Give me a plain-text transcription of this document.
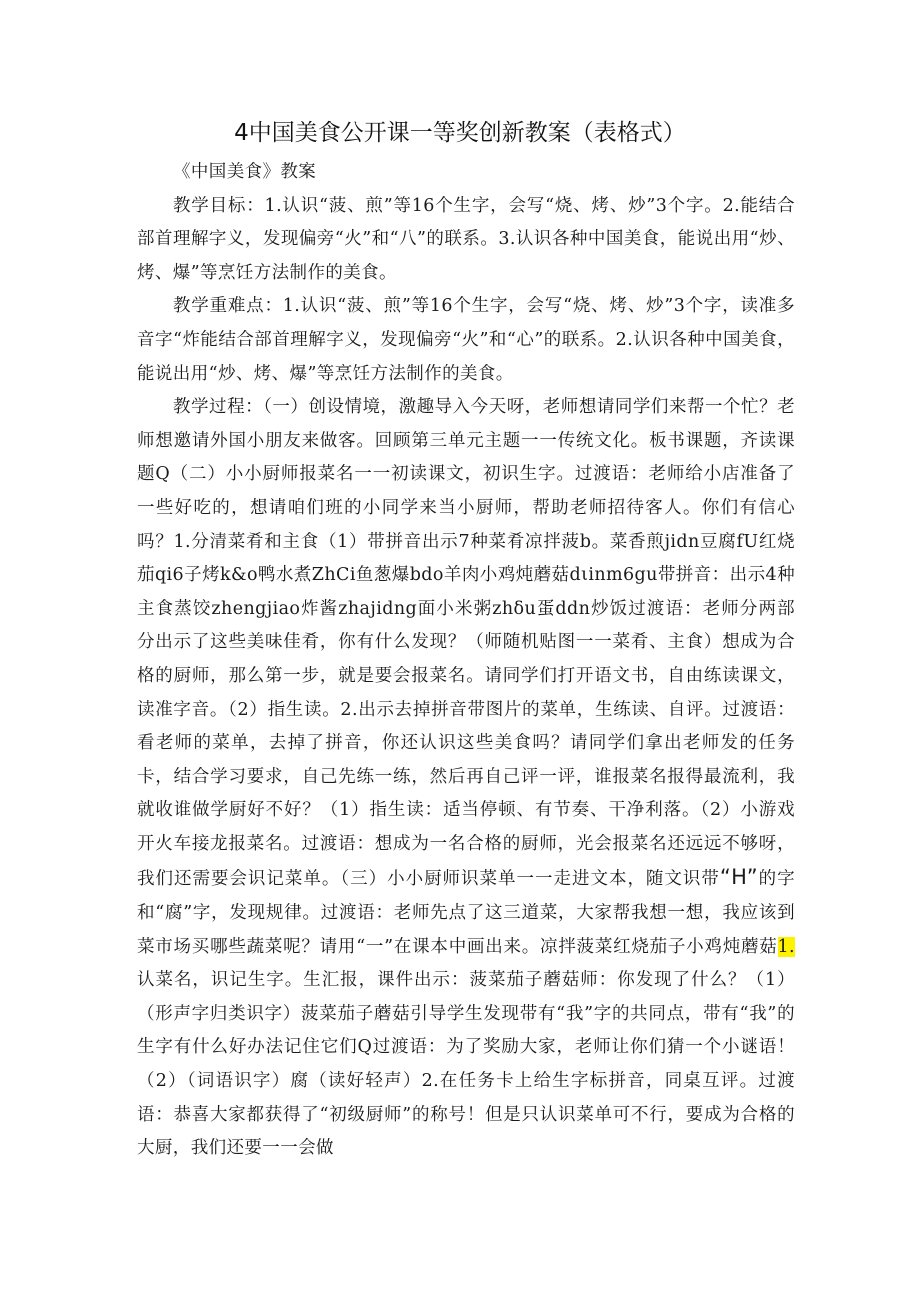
4中国美食公开课一等奖创新教案（表格式）

《中国美食》教案

教学目标：1.认识“菠、煎”等16个生字，会写“烧、烤、炒”3个字。2.能结合部首理解字义，发现偏旁“火”和“八”的联系。3.认识各种中国美食，能说出用“炒、烤、爆”等烹饪方法制作的美食。

教学重难点：1.认识“菠、煎”等16个生字，会写“烧、烤、炒”3个字，读准多音字“炸能结合部首理解字义，发现偏旁“火”和“心”的联系。2.认识各种中国美食，能说出用“炒、烤、爆”等烹饪方法制作的美食。

教学过程：（一）创设情境，激趣导入今天呀，老师想请同学们来帮一个忙？老师想邀请外国小朋友来做客。回顾第三单元主题一一传统文化。板书课题，齐读课题Q（二）小小厨师报菜名一一初读课文，初识生字。过渡语：老师给小店准备了一些好吃的，想请咱们班的小同学来当小厨师，帮助老师招待客人。你们有信心吗？1.分清菜肴和主食（1）带拼音出示7种菜肴凉拌菠b。菜香煎jidn豆腐fU红烧茄qi6子烤k&o鸭水煮ZhCi鱼葱爆bdo羊肉小鸡炖蘑菇dιinm6gu带拼音：出示4种主食蒸饺zhengjiao炸酱zhajidng面小米粥zhδu蛋ddn炒饭过渡语：老师分两部分出示了这些美味佳肴，你有什么发现？（师随机贴图一一菜肴、主食）想成为合格的厨师，那么第一步，就是要会报菜名。请同学们打开语文书，自由练读课文，读准字音。（2）指生读。2.出示去掉拼音带图片的菜单，生练读、自评。过渡语：看老师的菜单，去掉了拼音，你还认识这些美食吗？请同学们拿出老师发的任务卡，结合学习要求，自己先练一练，然后再自己评一评，谁报菜名报得最流利，我就收谁做学厨好不好？（1）指生读：适当停顿、有节奏、干净利落。（2）小游戏开火车接龙报菜名。过渡语：想成为一名合格的厨师，光会报菜名还远远不够呀，我们还需要会识记菜单。（三）小小厨师识菜单一一走进文本，随文识带“H”的字和“腐”字，发现规律。过渡语：老师先点了这三道菜，大家帮我想一想，我应该到菜市场买哪些蔬菜呢？请用“一”在课本中画出来。凉拌菠菜红烧茄子小鸡炖蘑菇1.认菜名，识记生字。生汇报，课件出示：菠菜茄子蘑菇师：你发现了什么？（1）（形声字归类识字）菠菜茄子蘑菇引导学生发现带有“我”字的共同点，带有“我”的生字有什么好办法记住它们Q过渡语：为了奖励大家，老师让你们猜一个小谜语！（2）（词语识字）腐（读好轻声）2.在任务卡上给生字标拼音，同桌互评。过渡语：恭喜大家都获得了“初级厨师”的称号！但是只认识菜单可不行，要成为合格的大厨，我们还要一一会做
